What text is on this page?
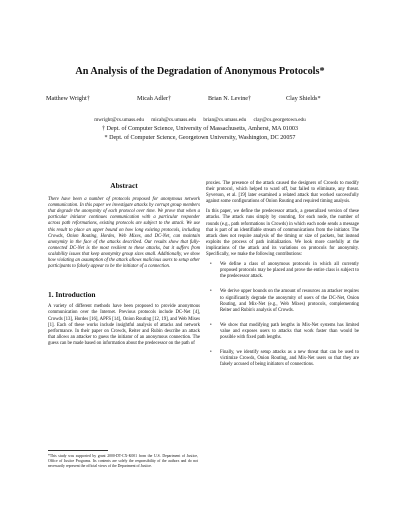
An Analysis of the Degradation of Anonymous Protocols*
Matthew Wright†	Micah Adler†	Brian N. Levine†	Clay Shields*
mwright@cs.umass.edu micah@cs.umass.edu brian@cs.umass.edu clay@cs.georgetown.edu
† Dept. of Computer Science, University of Massachusetts, Amherst, MA 01003
* Dept. of Computer Science, Georgetown University, Washington, DC 20057
Abstract

There have been a number of protocols proposed for anonymous network communication. In this paper we investigate attacks by corrupt group members that degrade the anonymity of each protocol over time. We prove that when a particular initiator continues communication with a particular responder across path reformations, existing protocols are subject to the attack. We use this result to place an upper bound on how long existing protocols, including Crowds, Onion Routing, Hordes, Web Mixes, and DC-Net, can maintain anonymity in the face of the attacks described. Our results show that fully-connected DC-Net is the most resilient to these attacks, but it suffers from scalability issues that keep anonymity group sizes small. Additionally, we show how violating an assumption of the attack allows malicious users to setup other participants to falsely appear to be the initiator of a connection.

1. Introduction

A variety of different methods have been proposed to provide anonymous communication over the Internet. Previous protocols include DC-Net [4], Crowds [13], Hordes [16], APFS [14], Onion Routing [12, 19], and Web Mixes [1]. Each of these works include insightful analysis of attacks and network performance. In their paper on Crowds, Reiter and Rubin describe an attack that allows an attacker to guess the initiator of an anonymous connection. The guess can be made based on information about the predecessor on the path of

proxies. The presence of the attack caused the designers of Crowds to modify their protocol, which helped to ward off, but failed to eliminate, any threat. Syverson, et al. [19] later examined a related attack that worked successfully against some configurations of Onion Routing and required timing analysis.

In this paper, we define the predecessor attack, a generalized version of these attacks. The attack runs simply by counting, for each node, the number of rounds (e.g., path reformations in Crowds) in which each node sends a message that is part of an identifiable stream of communications from the initiator. The attack does not require analysis of the timing or size of packets, but instead exploits the process of path initialization. We look more carefully at the implications of the attack and its variations on protocols for anonymity. Specifically, we make the following contributions:

• We define a class of anonymous protocols in which all currently proposed protocols may be placed and prove the entire class is subject to the predecessor attack.
• We derive upper bounds on the amount of resources an attacker requires to significantly degrade the anonymity of users of the DC-Net, Onion Routing, and Mix-Net (e.g., Web Mixes) protocols, complementing Reiter and Rubin's analysis of Crowds.
• We show that modifying path lengths in Mix-Net systems has limited value and exposes users to attacks that work faster than would be possible with fixed path lengths.
• Finally, we identify setup attacks as a new threat that can be used to victimize Crowds, Onion Routing, and Mix-Net users so that they are falsely accused of being initiators of connections.
*This study was supported by grant 2000-DT-CX-K001 from the U.S. Department of Justice, Office of Justice Programs. Its contents are solely the responsibility of the authors and do not necessarily represent the official views of the Department of Justice.
